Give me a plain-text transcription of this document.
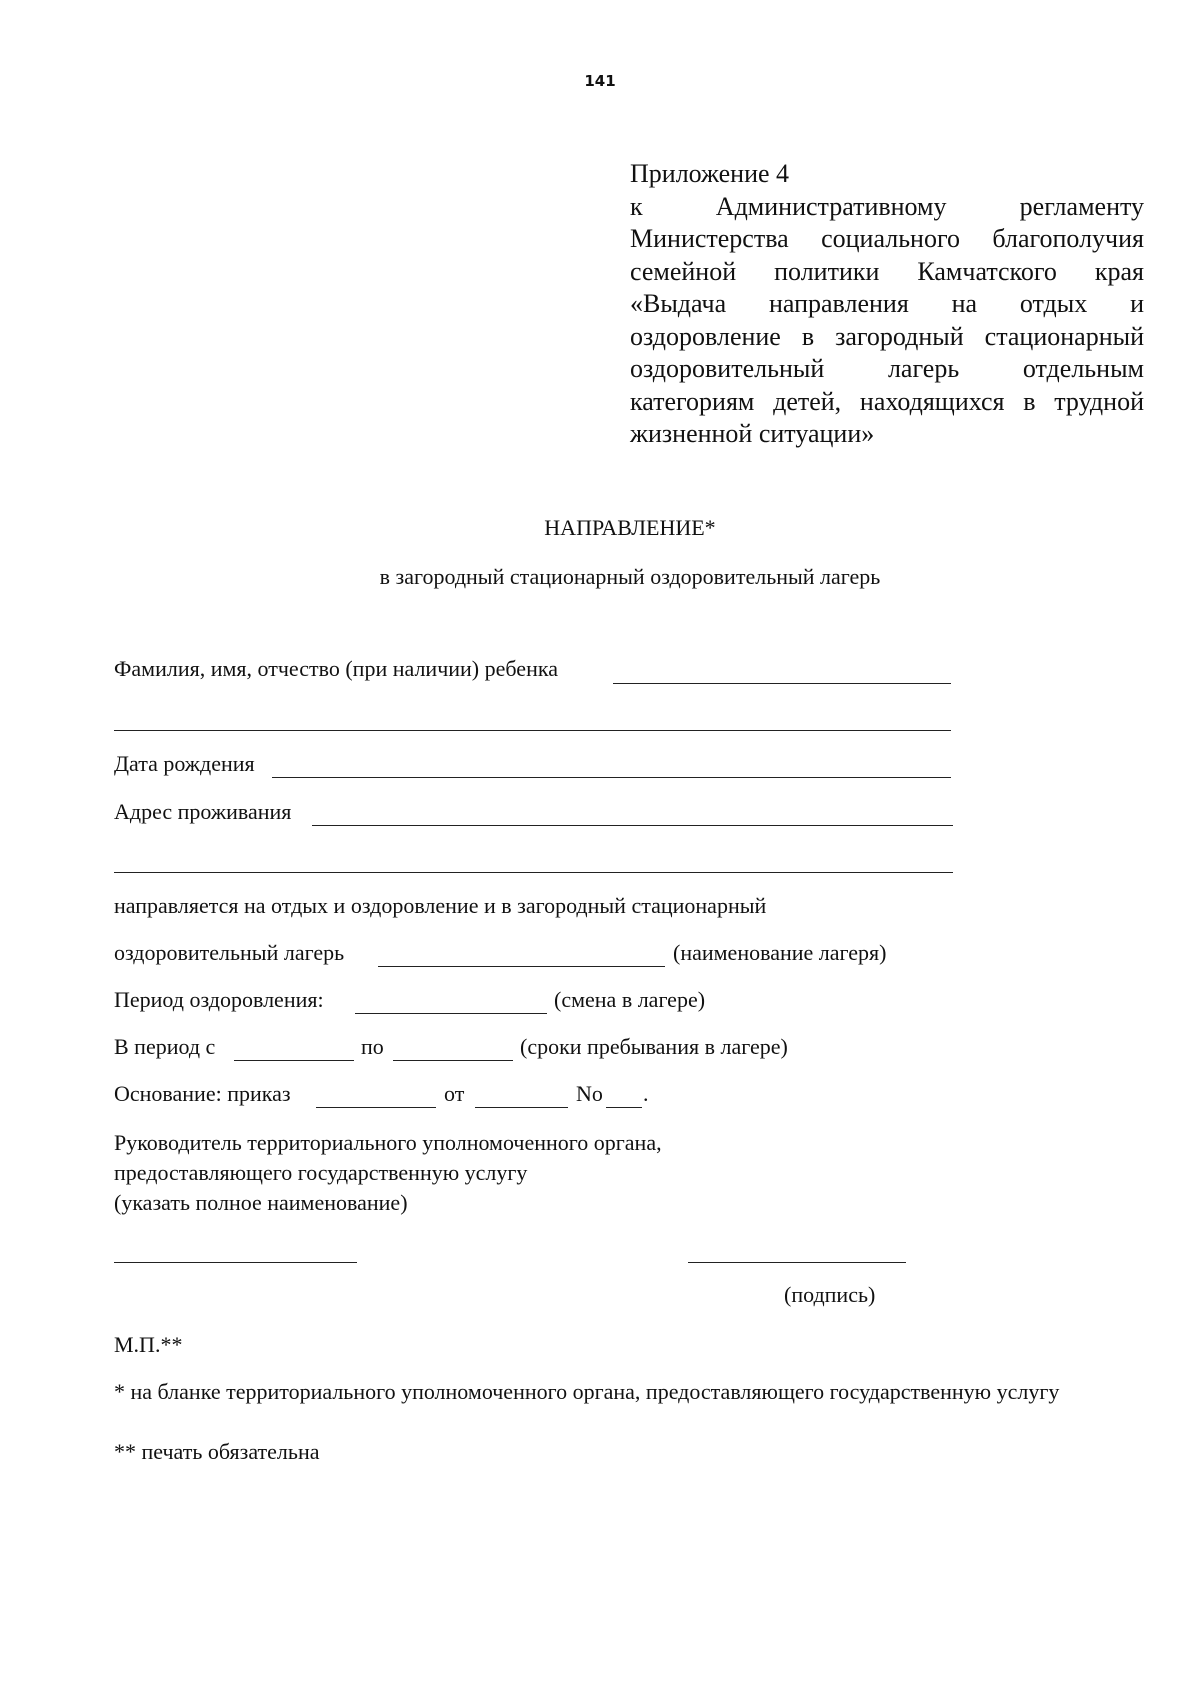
141
Приложение 4
к Административному регламенту Министерства социального благополучия семейной политики Камчатского края «Выдача направления на отдых и оздоровление в загородный стационарный оздоровительный лагерь отдельным категориям детей, находящихся в трудной жизненной ситуации»
НАПРАВЛЕНИЕ*
в загородный стационарный оздоровительный лагерь
Фамилия, имя, отчество (при наличии) ребенка
Дата рождения
Адрес проживания
направляется на отдых и оздоровление и в загородный стационарный
оздоровительный лагерь	(наименование лагеря)
Период оздоровления:	(смена в лагере)
В период с	по	(сроки пребывания в лагере)
Основание: приказ	от	No .
Руководитель территориального уполномоченного органа,
предоставляющего государственную услугу
(указать полное наименование)
(подпись)
М.П.**
* на бланке территориального уполномоченного органа, предоставляющего государственную услугу
** печать обязательна
